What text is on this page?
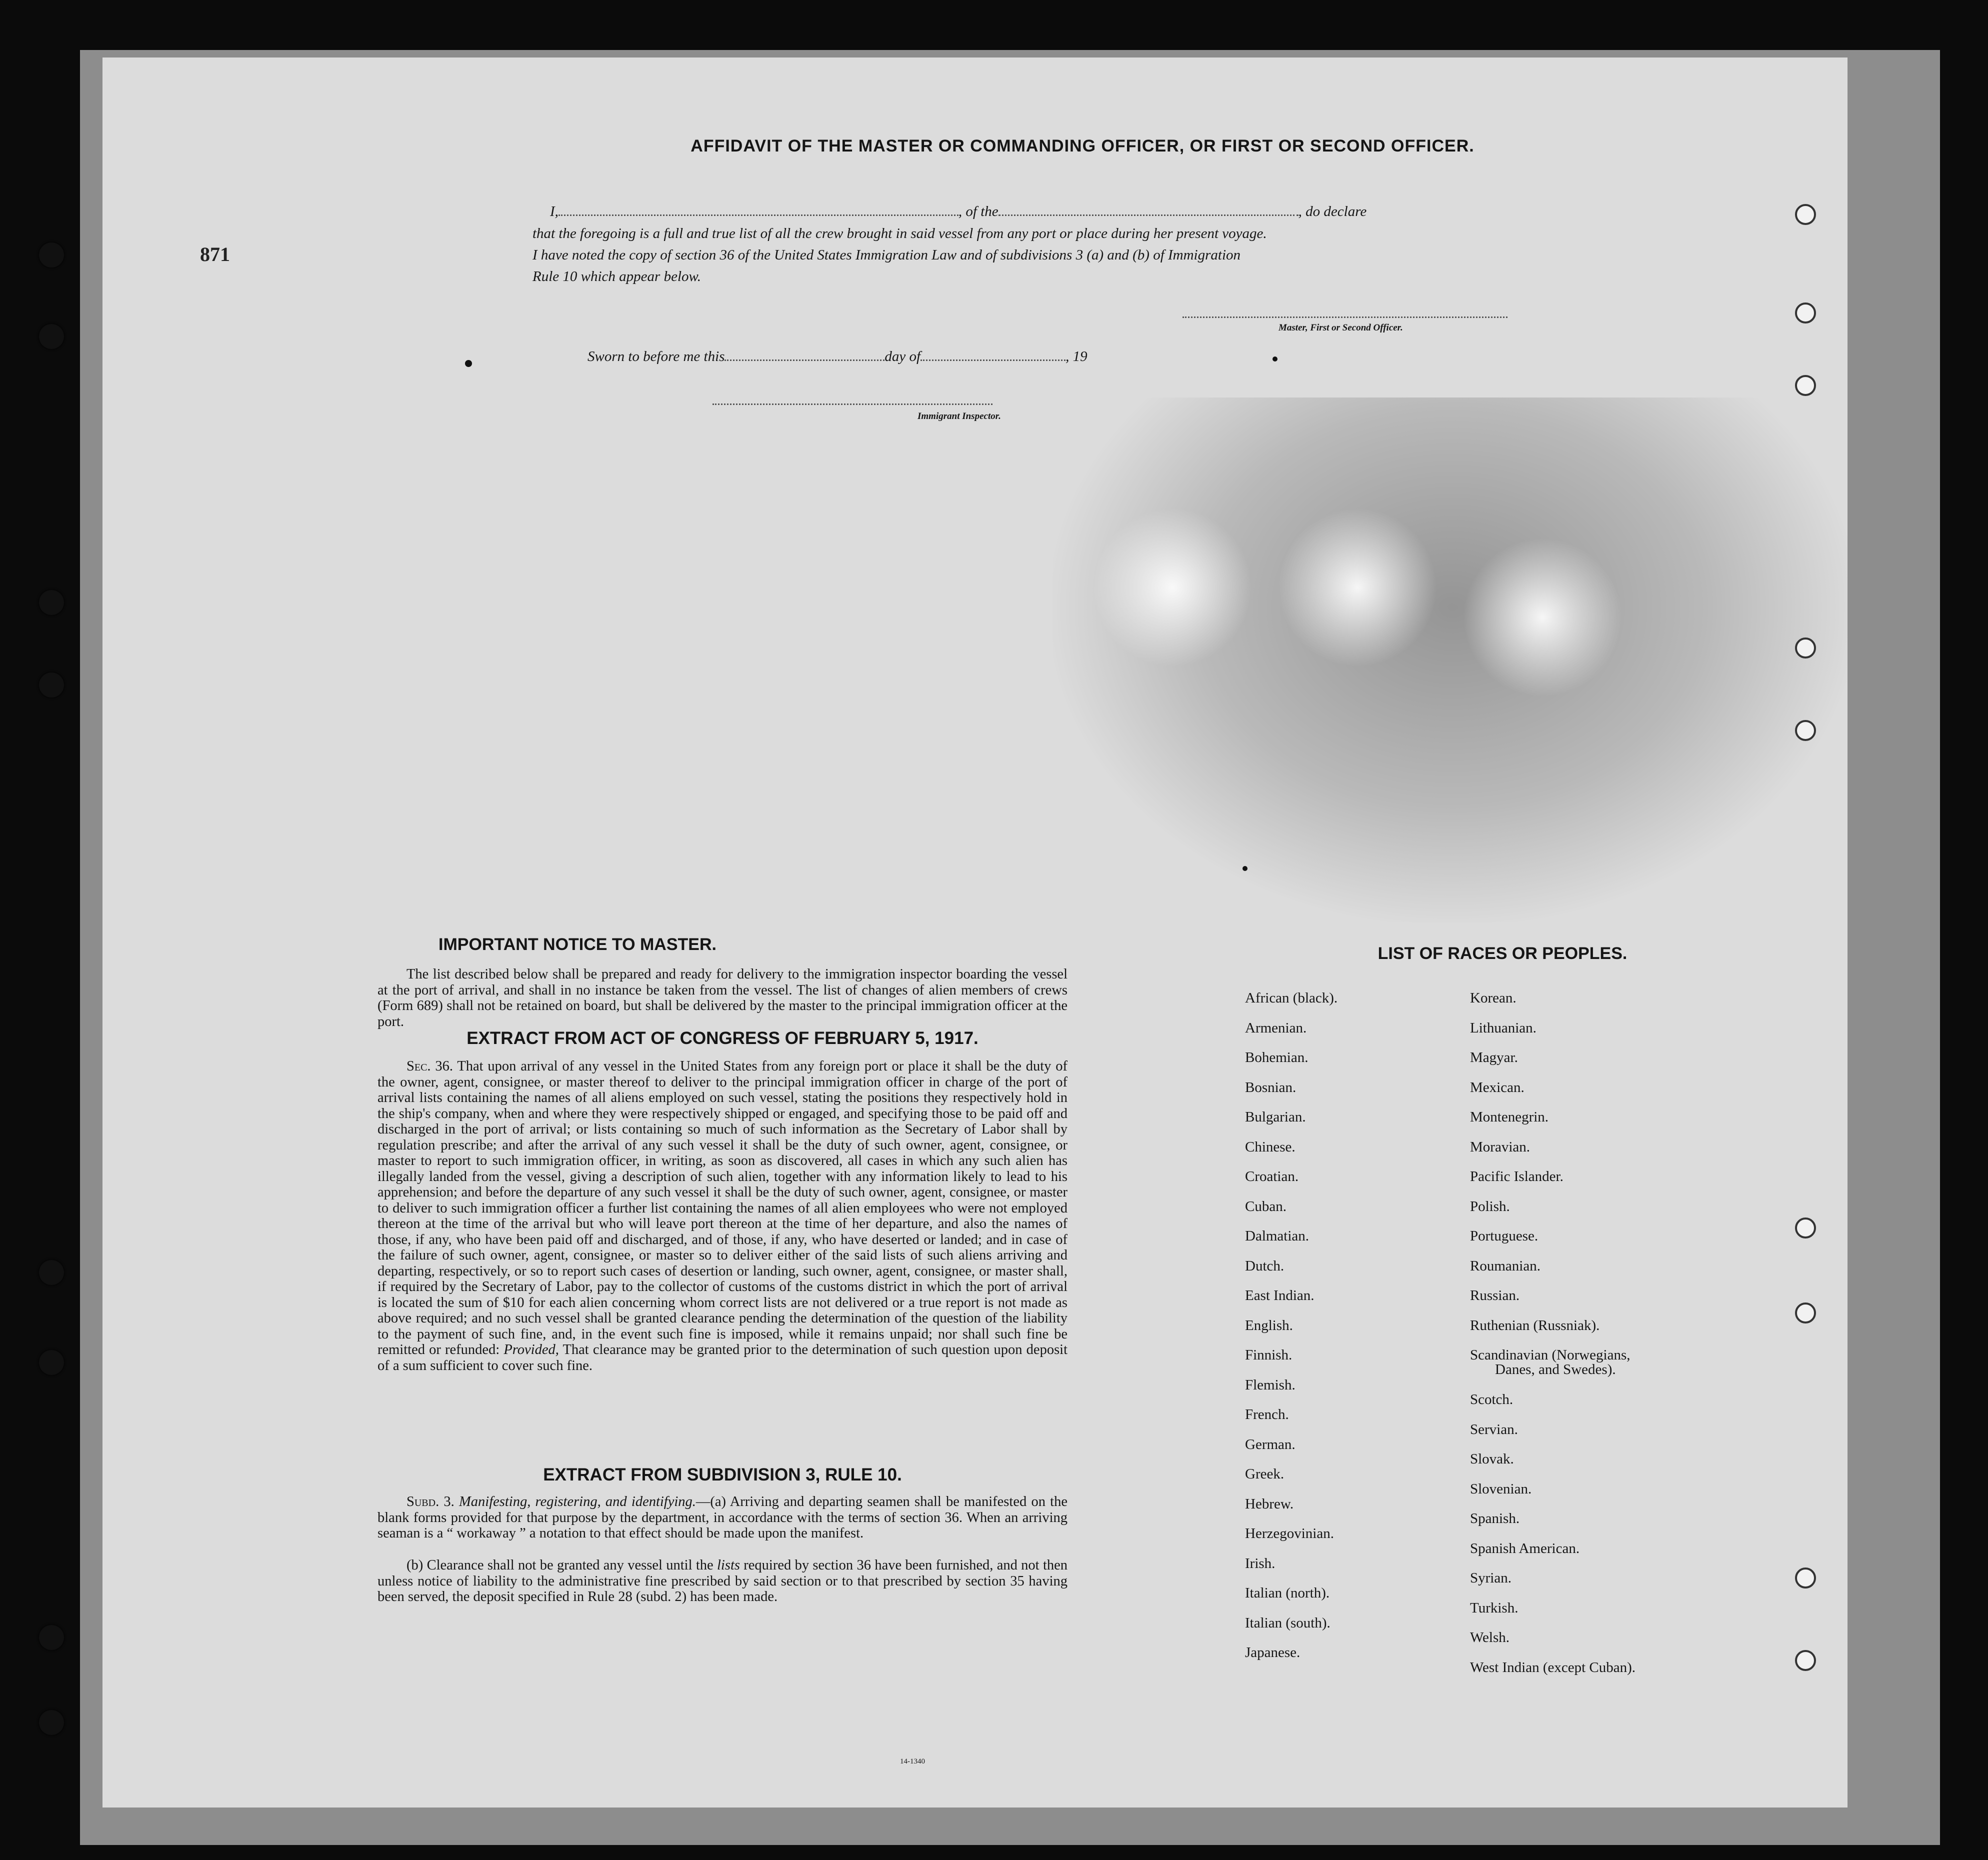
871
AFFIDAVIT OF THE MASTER OR COMMANDING OFFICER, OR FIRST OR SECOND OFFICER.
I,	, of the	, do declare
that the foregoing is a full and true list of all the crew brought in said vessel from any port or place during her present voyage.
I have noted the copy of section 36 of the United States Immigration Law and of subdivisions 3 (a) and (b) of Immigration
Rule 10 which appear below.
Master, First or Second Officer.
Sworn to before me this	day of	, 19
Immigrant Inspector.
IMPORTANT NOTICE TO MASTER.
The list described below shall be prepared and ready for delivery to the immigration inspector boarding the vessel at the port of arrival, and shall in no instance be taken from the vessel. The list of changes of alien members of crews (Form 689) shall not be retained on board, but shall be delivered by the master to the principal immigration officer at the port.
EXTRACT FROM ACT OF CONGRESS OF FEBRUARY 5, 1917.
Sec. 36. That upon arrival of any vessel in the United States from any foreign port or place it shall be the duty of the owner, agent, consignee, or master thereof to deliver to the principal immigration officer in charge of the port of arrival lists containing the names of all aliens employed on such vessel, stating the positions they respectively hold in the ship's company, when and where they were respectively shipped or engaged, and specifying those to be paid off and discharged in the port of arrival; or lists containing so much of such information as the Secretary of Labor shall by regulation prescribe; and after the arrival of any such vessel it shall be the duty of such owner, agent, consignee, or master to report to such immigration officer, in writing, as soon as discovered, all cases in which any such alien has illegally landed from the vessel, giving a description of such alien, together with any information likely to lead to his apprehension; and before the departure of any such vessel it shall be the duty of such owner, agent, consignee, or master to deliver to such immigration officer a further list containing the names of all alien employees who were not employed thereon at the time of the arrival but who will leave port thereon at the time of her departure, and also the names of those, if any, who have been paid off and discharged, and of those, if any, who have deserted or landed; and in case of the failure of such owner, agent, consignee, or master so to deliver either of the said lists of such aliens arriving and departing, respectively, or so to report such cases of desertion or landing, such owner, agent, consignee, or master shall, if required by the Secretary of Labor, pay to the collector of customs of the customs district in which the port of arrival is located the sum of $10 for each alien concerning whom correct lists are not delivered or a true report is not made as above required; and no such vessel shall be granted clearance pending the determination of the question of the liability to the payment of such fine, and, in the event such fine is imposed, while it remains unpaid; nor shall such fine be remitted or refunded: Provided, That clearance may be granted prior to the determination of such question upon deposit of a sum sufficient to cover such fine.
EXTRACT FROM SUBDIVISION 3, RULE 10.
Subd. 3. Manifesting, registering, and identifying.—(a) Arriving and departing seamen shall be manifested on the blank forms provided for that purpose by the department, in accordance with the terms of section 36. When an arriving seaman is a “ workaway ” a notation to that effect should be made upon the manifest.
(b) Clearance shall not be granted any vessel until the lists required by section 36 have been furnished, and not then unless notice of liability to the administrative fine prescribed by said section or to that prescribed by section 35 having been served, the deposit specified in Rule 28 (subd. 2) has been made.
14-1340
LIST OF RACES OR PEOPLES.
African (black).
Armenian.
Bohemian.
Bosnian.
Bulgarian.
Chinese.
Croatian.
Cuban.
Dalmatian.
Dutch.
East Indian.
English.
Finnish.
Flemish.
French.
German.
Greek.
Hebrew.
Herzegovinian.
Irish.
Italian (north).
Italian (south).
Japanese.
Korean.
Lithuanian.
Magyar.
Mexican.
Montenegrin.
Moravian.
Pacific Islander.
Polish.
Portuguese.
Roumanian.
Russian.
Ruthenian (Russniak).
Scandinavian (Norwegians,
Danes, and Swedes).
Scotch.
Servian.
Slovak.
Slovenian.
Spanish.
Spanish American.
Syrian.
Turkish.
Welsh.
West Indian (except Cuban).
